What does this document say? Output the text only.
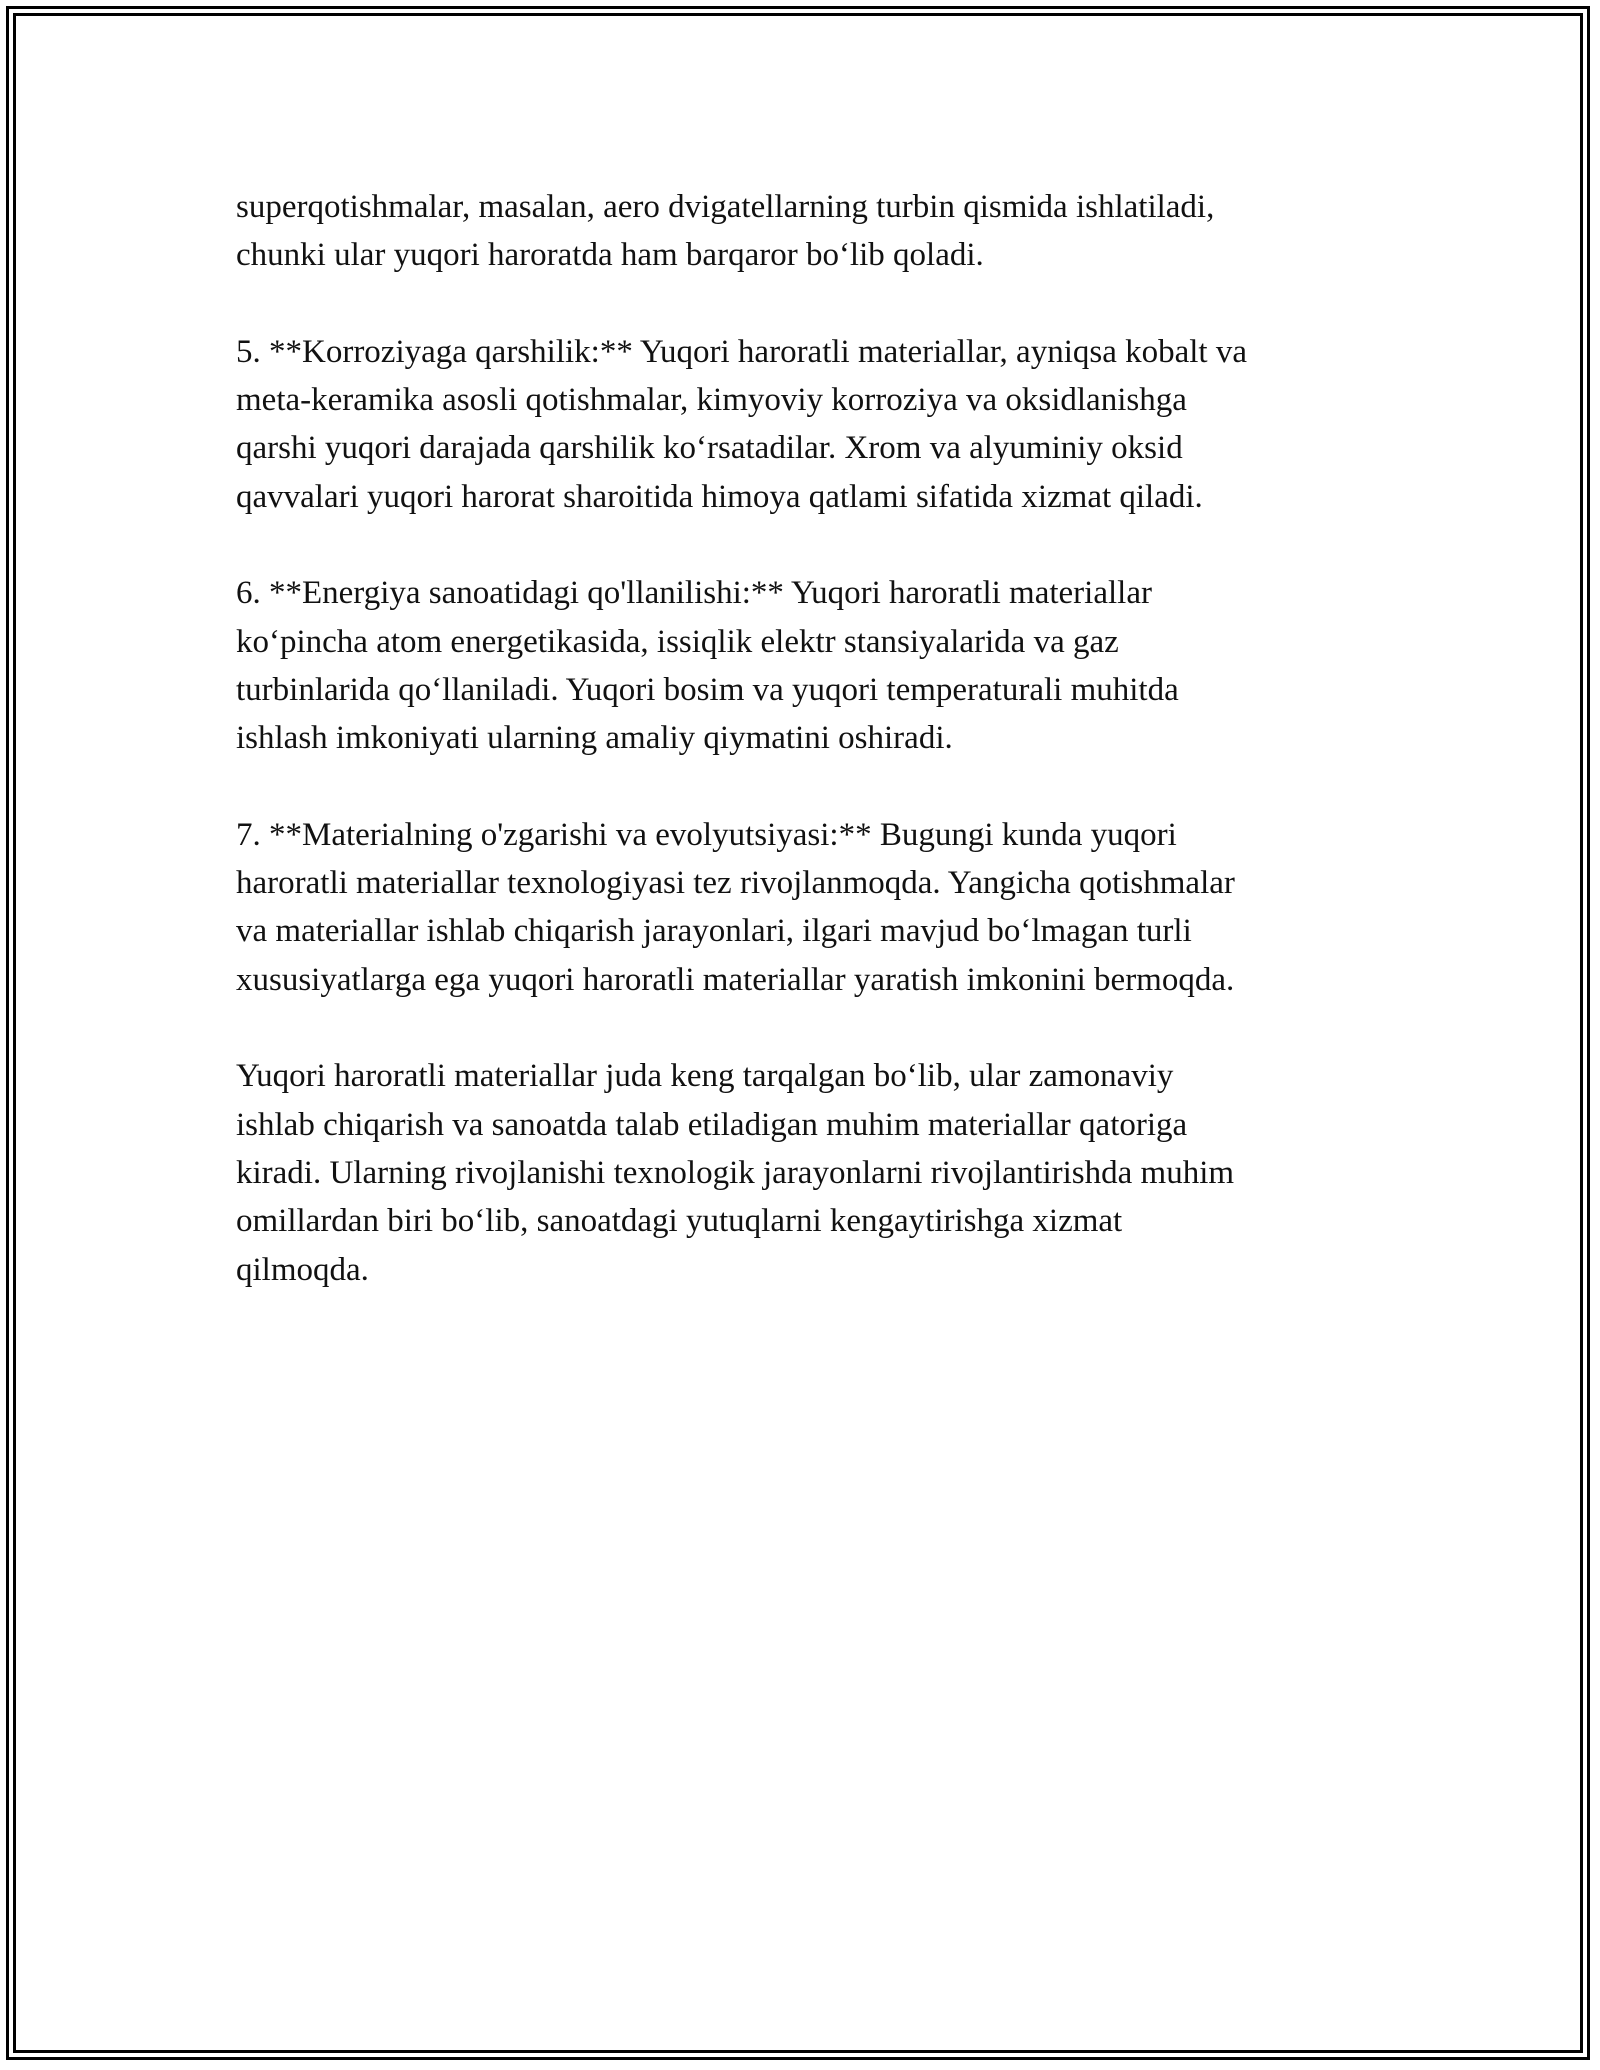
superqotishmalar, masalan, aero dvigatellarning turbin qismida ishlatiladi,
chunki ular yuqori haroratda ham barqaror bo‘lib qoladi.

5. **Korroziyaga qarshilik:** Yuqori haroratli materiallar, ayniqsa kobalt va
meta-keramika asosli qotishmalar, kimyoviy korroziya va oksidlanishga
qarshi yuqori darajada qarshilik ko‘rsatadilar. Xrom va alyuminiy oksid
qavvalari yuqori harorat sharoitida himoya qatlami sifatida xizmat qiladi.

6. **Energiya sanoatidagi qo'llanilishi:** Yuqori haroratli materiallar
ko‘pincha atom energetikasida, issiqlik elektr stansiyalarida va gaz
turbinlarida qo‘llaniladi. Yuqori bosim va yuqori temperaturali muhitda
ishlash imkoniyati ularning amaliy qiymatini oshiradi.

7. **Materialning o'zgarishi va evolyutsiyasi:** Bugungi kunda yuqori
haroratli materiallar texnologiyasi tez rivojlanmoqda. Yangicha qotishmalar
va materiallar ishlab chiqarish jarayonlari, ilgari mavjud bo‘lmagan turli
xususiyatlarga ega yuqori haroratli materiallar yaratish imkonini bermoqda.

Yuqori haroratli materiallar juda keng tarqalgan bo‘lib, ular zamonaviy
ishlab chiqarish va sanoatda talab etiladigan muhim materiallar qatoriga
kiradi. Ularning rivojlanishi texnologik jarayonlarni rivojlantirishda muhim
omillardan biri bo‘lib, sanoatdagi yutuqlarni kengaytirishga xizmat
qilmoqda.
